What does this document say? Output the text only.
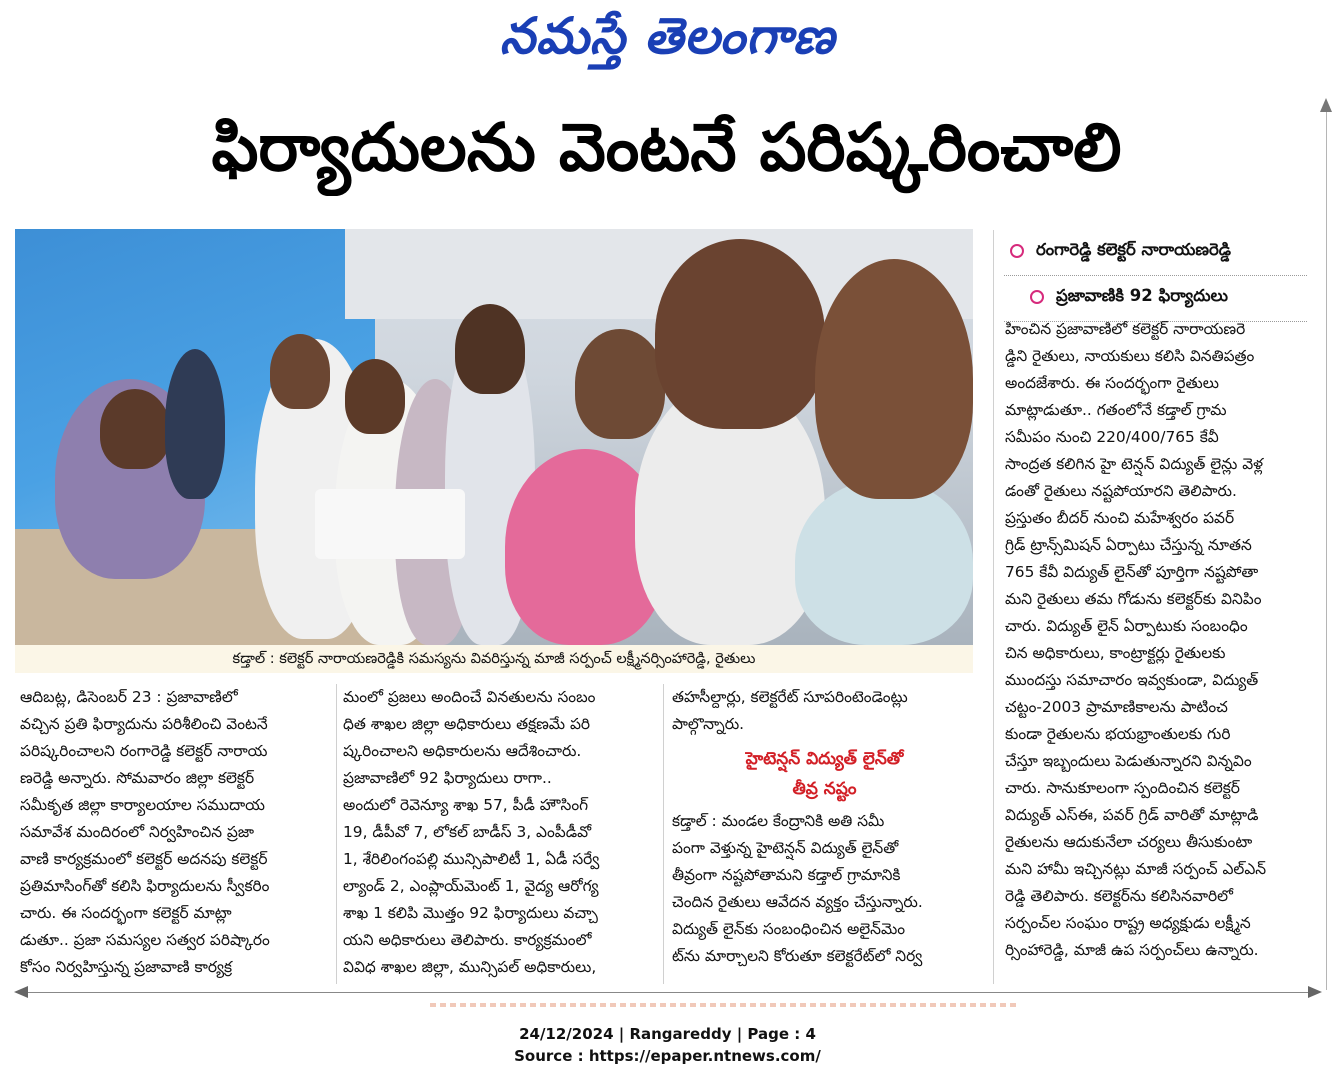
నమస్తే తెలంగాణ
ఫిర్యాదులను వెంటనే పరిష్కరించాలి
కడ్తాల్ : కలెక్టర్ నారాయణరెడ్డికి సమస్యను వివరిస్తున్న మాజీ సర్పంచ్ లక్ష్మీనర్సింహారెడ్డి, రైతులు
రంగారెడ్డి కలెక్టర్ నారాయణరెడ్డి
ప్రజావాణికి 92 ఫిర్యాదులు

హించిన ప్రజావాణిలో కలెక్టర్ నారాయణరె

డ్డిని రైతులు, నాయకులు కలిసి వినతిపత్రం

అందజేశారు. ఈ సందర్భంగా రైతులు

మాట్లాడుతూ.. గతంలోనే కడ్తాల్ గ్రామ

సమీపం నుంచి 220/400/765 కేవీ

సాంద్రత కలిగిన హై టెన్షన్ విద్యుత్ లైన్లు వెళ్ల

డంతో రైతులు నష్టపోయారని తెలిపారు.

ప్రస్తుతం బీదర్ నుంచి మహేశ్వరం పవర్

గ్రిడ్ ట్రాన్స్‌మిషన్ ఏర్పాటు చేస్తున్న నూతన

765 కేవీ విద్యుత్ లైన్‌తో పూర్తిగా నష్టపోతా

మని రైతులు తమ గోడును కలెక్టర్‌కు వినిపిం

చారు. విద్యుత్ లైన్ ఏర్పాటుకు సంబంధిం

చిన అధికారులు, కాంట్రాక్టర్లు రైతులకు

ముందస్తు సమాచారం ఇవ్వకుండా, విద్యుత్

చట్టం-2003 ప్రామాణికాలను పాటించ

కుండా రైతులను భయభ్రాంతులకు గురి

చేస్తూ ఇబ్బందులు పెడుతున్నారని విన్నవిం

చారు. సానుకూలంగా స్పందించిన కలెక్టర్

విద్యుత్ ఎస్ఈ, పవర్ గ్రిడ్ వారితో మాట్లాడి

రైతులను ఆదుకునేలా చర్యలు తీసుకుంటా

మని హామీ ఇచ్చినట్లు మాజీ సర్పంచ్ ఎల్ఎన్

రెడ్డి తెలిపారు. కలెక్టర్‌ను కలిసినవారిలో

సర్పంచ్‌ల సంఘం రాష్ట్ర అధ్యక్షుడు లక్ష్మీన

ర్సింహారెడ్డి, మాజీ ఉప సర్పంచ్‌లు ఉన్నారు.

ఆదిబట్ల, డిసెంబర్ 23 : ప్రజావాణిలో

వచ్చిన ప్రతి ఫిర్యాదును పరిశీలించి వెంటనే

పరిష్కరించాలని రంగారెడ్డి కలెక్టర్ నారాయ

ణరెడ్డి అన్నారు. సోమవారం జిల్లా కలెక్టర్

సమీకృత జిల్లా కార్యాలయాల సముదాయ

సమావేశ మందిరంలో నిర్వహించిన ప్రజా

వాణి కార్యక్రమంలో కలెక్టర్ అదనపు కలెక్టర్

ప్రతిమాసింగ్‌తో కలిసి ఫిర్యాదులను స్వీకరిం

చారు. ఈ సందర్భంగా కలెక్టర్ మాట్లా

డుతూ.. ప్రజా సమస్యల సత్వర పరిష్కారం

కోసం నిర్వహిస్తున్న ప్రజావాణి కార్యక్ర

మంలో ప్రజలు అందించే వినతులను సంబం

ధిత శాఖల జిల్లా అధికారులు తక్షణమే పరి

ష్కరించాలని అధికారులను ఆదేశించారు.

ప్రజావాణిలో 92 ఫిర్యాదులు రాగా..

అందులో రెవెన్యూ శాఖ 57, పీడీ హౌసింగ్

19, డీపీవో 7, లోకల్ బాడీస్ 3, ఎంపీడీవో

1, శేరిలింగంపల్లి మున్సిపాలిటీ 1, ఏడీ సర్వే

ల్యాండ్ 2, ఎంప్లాయ్‌మెంట్ 1, వైద్య ఆరోగ్య

శాఖ 1 కలిపి మొత్తం 92 ఫిర్యాదులు వచ్చా

యని అధికారులు తెలిపారు. కార్యక్రమంలో

వివిధ శాఖల జిల్లా, మున్సిపల్ అధికారులు,

తహసీల్దార్లు, కలెక్టరేట్ సూపరింటెండెంట్లు

పాల్గొన్నారు.

హైటెన్షన్ విద్యుత్ లైన్‌తో
తీవ్ర నష్టం

కడ్తాల్ : మండల కేంద్రానికి అతి సమీ

పంగా వెళ్తున్న హైటెన్షన్ విద్యుత్ లైన్‌తో

తీవ్రంగా నష్టపోతామని కడ్తాల్ గ్రామానికి

చెందిన రైతులు ఆవేదన వ్యక్తం చేస్తున్నారు.

విద్యుత్ లైన్‌కు సంబంధించిన అలైన్‌మెం

ట్‌ను మార్చాలని కోరుతూ కలెక్టరేట్‌లో నిర్వ

24/12/2024 | Rangareddy | Page : 4
Source : https://epaper.ntnews.com/
